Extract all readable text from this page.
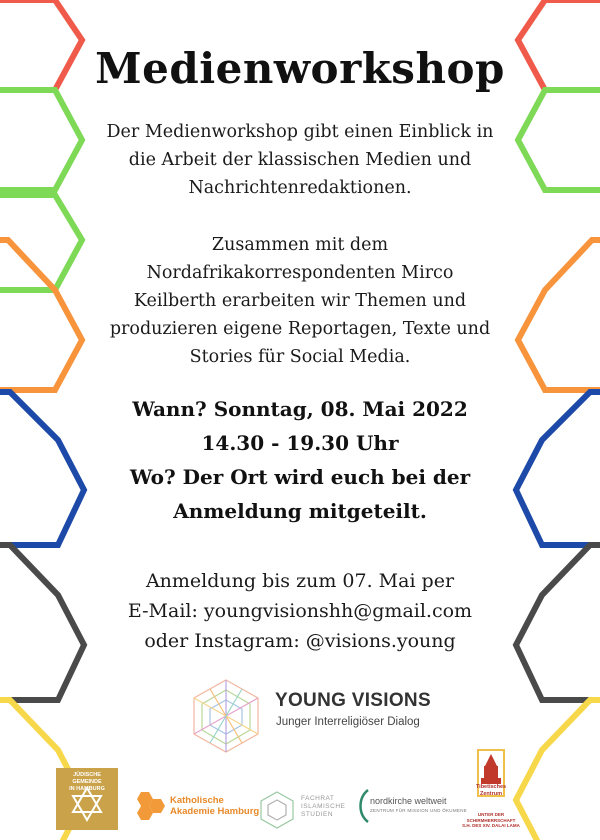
Medienworkshop
Der Medienworkshop gibt einen Einblick in
die Arbeit der klassischen Medien und
Nachrichtenredaktionen.
Zusammen mit dem
Nordafrikakorrespondenten Mirco
Keilberth erarbeiten wir Themen und
produzieren eigene Reportagen, Texte und
Stories für Social Media.
Wann? Sonntag, 08. Mai 2022
14.30 - 19.30 Uhr
Wo? Der Ort wird euch bei der
Anmeldung mitgeteilt.
Anmeldung bis zum 07. Mai per
E-Mail: youngvisionshh@gmail.com
oder Instagram: @visions.young
YOUNG VISIONS
Junger Interreligiöser Dialog
JÜDISCHE GEMEINDE
IN HAMBURG
Katholische
Akademie Hamburg
FACHRAT
ISLAMISCHE
STUDIEN
nordkirche weltweit
ZENTRUM FÜR MISSION UND ÖKUMENE
Tibetisches
Zentrum
UNTER DER
SCHIRMHERRSCHAFT
S.H. DES XIV. DALAI LAMA
